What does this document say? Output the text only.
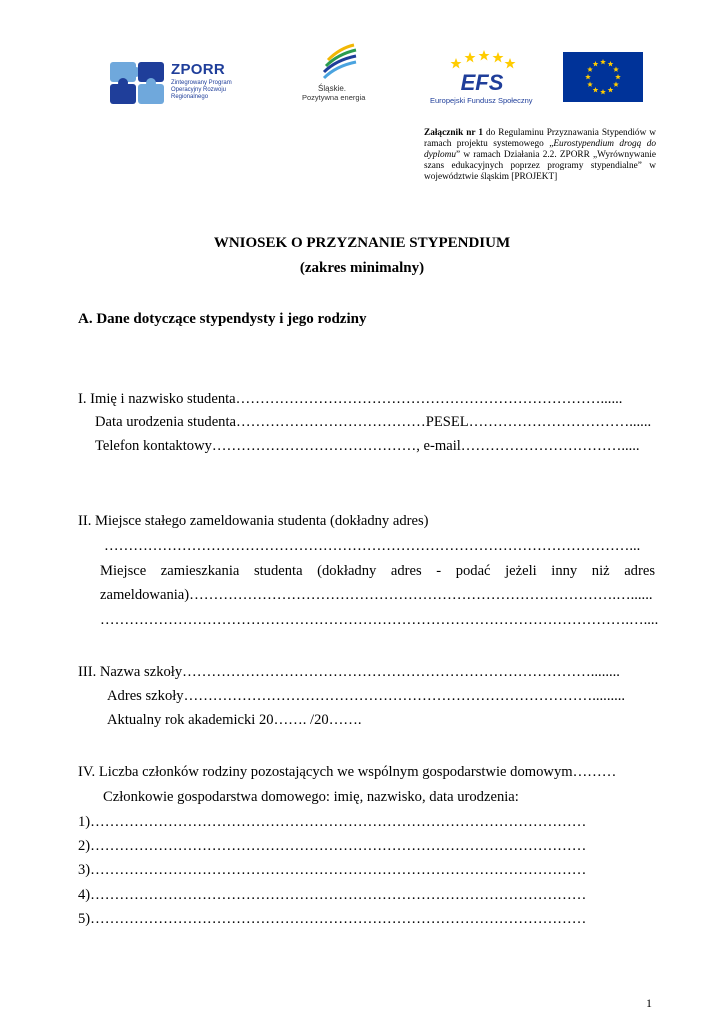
ZPORR
Zintegrowany Program Operacyjny Rozwoju Regionalnego
Śląskie.
Pozytywna energia
EFS
Europejski Fundusz Społeczny
Załącznik nr 1 do Regulaminu Przyznawania Stypendiów w ramach projektu systemowego „Eurostypendium drogą do dyplomu” w ramach Działania 2.2. ZPORR „Wyrównywanie szans edukacyjnych poprzez programy stypendialne” w województwie śląskim [PROJEKT]
WNIOSEK O PRZYZNANIE STYPENDIUM
(zakres minimalny)
A. Dane dotyczące stypendysty i jego rodziny
I. Imię i nazwisko studenta…………………………………………………………………......
Data urodzenia studenta…………………………………PESEL……………………………......
Telefon kontaktowy……………………………………, e-mail…………………………….....
II. Miejsce stałego zameldowania studenta (dokładny adres)
………………………………………………………………………………………………...
Miejsce zamieszkania studenta (dokładny adres - podać jeżeli inny niż adres
zameldowania)…………………………………………………………………………….…......
……………………………………………………………………………………………….…....
III. Nazwa szkoły…………………………………………………………………………........
Adres szkoły………………………………………………………………………….........
Aktualny rok akademicki 20……. /20…….
IV. Liczba członków rodziny pozostających we wspólnym gospodarstwie domowym………
Członkowie gospodarstwa domowego: imię, nazwisko, data urodzenia:
1)…………………………………………………………………………………………
2)…………………………………………………………………………………………
3)…………………………………………………………………………………………
4)…………………………………………………………………………………………
5)…………………………………………………………………………………………
1
